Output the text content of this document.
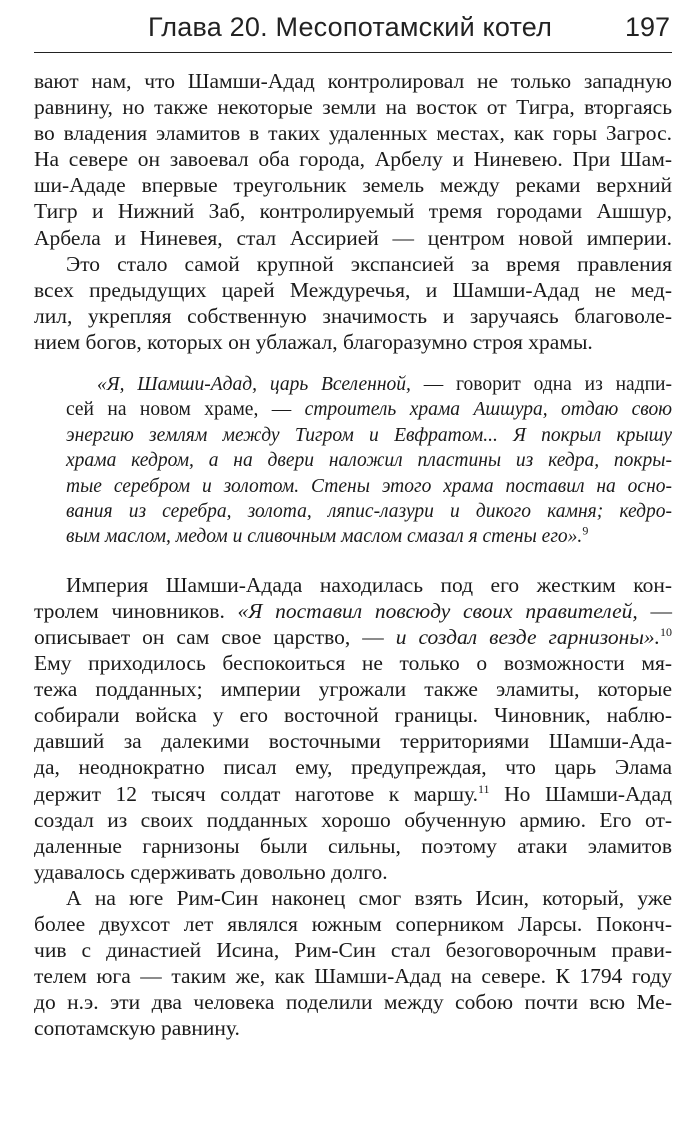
Глава 20. Месопотамский котел	197
вают нам, что Шамши-Адад контролировал не только западную
равнину, но также некоторые земли на восток от Тигра, вторгаясь
во владения эламитов в таких удаленных местах, как горы Загрос.
На севере он завоевал оба города, Арбелу и Ниневею. При Шам-
ши-Ададе впервые треугольник земель между реками верхний
Тигр и Нижний Заб, контролируемый тремя городами Ашшур,
Арбела и Ниневея, стал Ассирией — центром новой империи.
Это стало самой крупной экспансией за время правления
всех предыдущих царей Междуречья, и Шамши-Адад не мед-
лил, укрепляя собственную значимость и заручаясь благоволе-
нием богов, которых он ублажал, благоразумно строя храмы.
«Я, Шамши-Адад, царь Вселенной, — говорит одна из надпи-
сей на новом храме, — строитель храма Ашшура, отдаю свою
энергию землям между Тигром и Евфратом... Я покрыл крышу
храма кедром, а на двери наложил пластины из кедра, покры-
тые серебром и золотом. Стены этого храма поставил на осно-
вания из серебра, золота, ляпис-лазури и дикого камня; кедро-
вым маслом, медом и сливочным маслом смазал я стены его».$^9$
Империя Шамши-Адада находилась под его жестким кон-
тролем чиновников. «Я поставил повсюду своих правителей, —
описывает он сам свое царство, — и создал везде гарнизоны».$^{10}$
Ему приходилось беспокоиться не только о возможности мя-
тежа подданных; империи угрожали также эламиты, которые
собирали войска у его восточной границы. Чиновник, наблю-
давший за далекими восточными территориями Шамши-Ада-
да, неоднократно писал ему, предупреждая, что царь Элама
держит 12 тысяч солдат наготове к маршу.$^{11}$ Но Шамши-Адад
создал из своих подданных хорошо обученную армию. Его от-
даленные гарнизоны были сильны, поэтому атаки эламитов
удавалось сдерживать довольно долго.
А на юге Рим-Син наконец смог взять Исин, который, уже
более двухсот лет являлся южным соперником Ларсы. Поконч-
чив с династией Исина, Рим-Син стал безоговорочным прави-
телем юга — таким же, как Шамши-Адад на севере. К 1794 году
до н.э. эти два человека поделили между собою почти всю Ме-
сопотамскую равнину.
